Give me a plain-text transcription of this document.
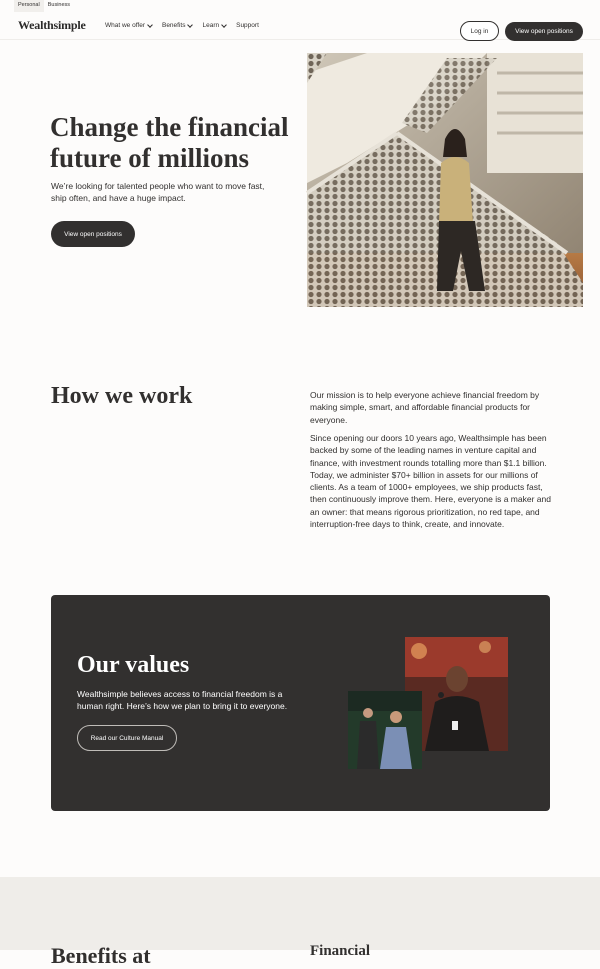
Personal	Business
Wealthsimple	What we offer	Benefits	Learn	Support
Log in	View open positions
Change the financial future of millions

We’re looking for talented people who want to move fast, ship often, and have a huge impact.

View open positions
How we work	Our mission is to help everyone achieve financial freedom by making simple, smart, and affordable financial products for everyone.

Since opening our doors 10 years ago, Wealthsimple has been backed by some of the leading names in venture capital and finance, with investment rounds totalling more than $1.1 billion. Today, we administer $70+ billion in assets for our millions of clients. As a team of 1000+ employees, we ship products fast, then continuously improve them. Here, everyone is a maker and an owner: that means rigorous prioritization, no red tape, and interruption-free days to think, create, and innovate.

Our values

Wealthsimple believes access to financial freedom is a human right. Here’s how we plan to bring it to everyone.

Read our Culture Manual
Benefits at	Financial
